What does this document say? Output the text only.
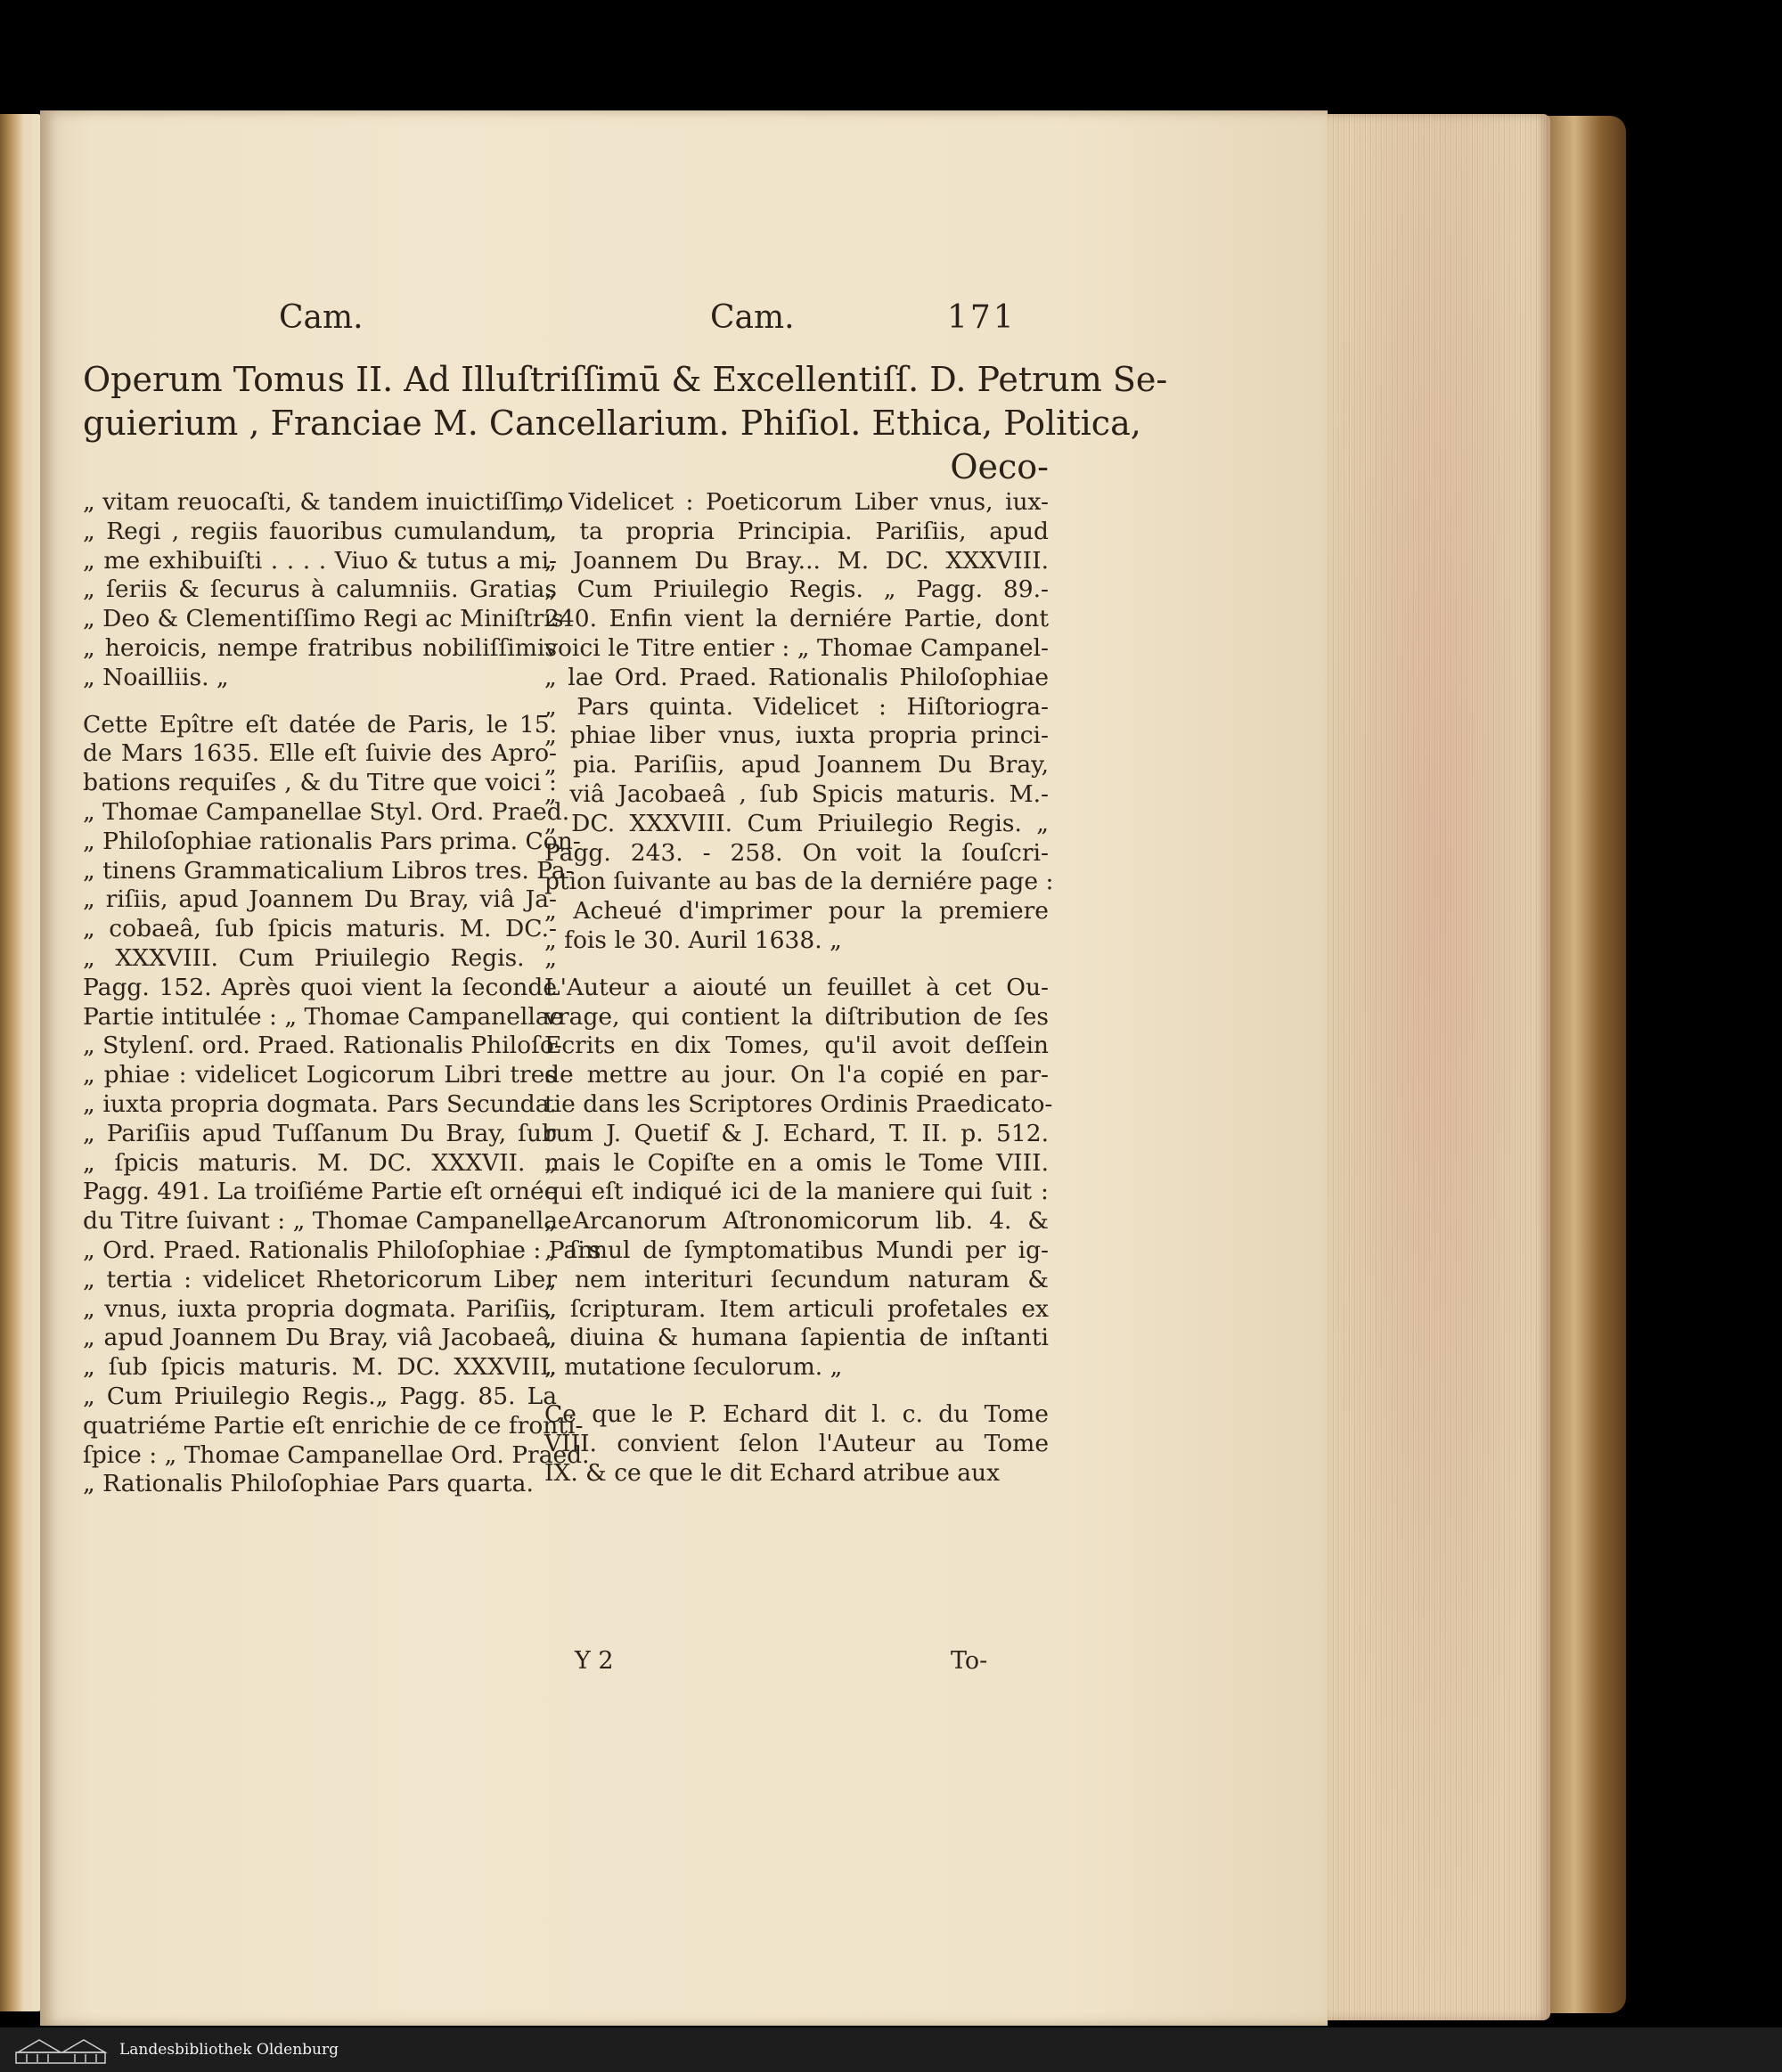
Cam.	Cam.	171
Operum Tomus II. Ad Illuſtriſſimū & Excellentiſſ. D. Petrum Se-
guierium , Franciae M. Cancellarium. Phiſiol. Ethica, Politica,
Oeco-
„ vitam reuocaſti, & tandem inuictiſſimo
„ Regi , regiis fauoribus cumulandum,
„ me exhibuiſti . . . . Viuo & tutus a mi-
„ ſeriis & ſecurus à calumniis. Gratias
„ Deo & Clementiſſimo Regi ac Miniſtris
„ heroicis, nempe fratribus nobiliſſimis
„ Noailliis. „
Cette Epître eſt datée de Paris, le 15.
de Mars 1635. Elle eſt ſuivie des Apro-
bations requiſes , & du Titre que voici :
„ Thomae Campanellae Styl. Ord. Praed.
„ Philoſophiae rationalis Pars prima. Con-
„ tinens Grammaticalium Libros tres. Pa-
„ riſiis, apud Joannem Du Bray, viâ Ja-
„ cobaeâ, ſub ſpicis maturis. M. DC.-
„ XXXVIII. Cum Priuilegio Regis. „
Pagg. 152. Après quoi vient la ſeconde
Partie intitulée : „ Thomae Campanellae
„ Stylenſ. ord. Praed. Rationalis Philoſo-
„ phiae : videlicet Logicorum Libri tres
„ iuxta propria dogmata. Pars Secunda.
„ Pariſiis apud Tuſſanum Du Bray, ſub
„ ſpicis maturis. M. DC. XXXVII. „
Pagg. 491. La troiſiéme Partie eſt ornée
du Titre ſuivant : „ Thomae Campanellae
„ Ord. Praed. Rationalis Philoſophiae : Pars
„ tertia : videlicet Rhetoricorum Liber
„ vnus, iuxta propria dogmata. Pariſiis,
„ apud Joannem Du Bray, viâ Jacobaeâ,
„ ſub ſpicis maturis. M. DC. XXXVIII.
„ Cum Priuilegio Regis.„ Pagg. 85. La
quatriéme Partie eſt enrichie de ce fronti-
ſpice : „ Thomae Campanellae Ord. Praed.
„ Rationalis Philoſophiae Pars quarta.
„ Videlicet : Poeticorum Liber vnus, iux-
„ ta propria Principia. Pariſiis, apud
„ Joannem Du Bray... M. DC. XXXVIII.
„ Cum Priuilegio Regis. „ Pagg. 89.-
240. Enfin vient la derniére Partie, dont
voici le Titre entier : „ Thomae Campanel-
„ lae Ord. Praed. Rationalis Philoſophiae
„ Pars quinta. Videlicet : Hiſtoriogra-
„ phiae liber vnus, iuxta propria princi-
„ pia. Pariſiis, apud Joannem Du Bray,
„ viâ Jacobaeâ , ſub Spicis maturis. M.-
„ DC. XXXVIII. Cum Priuilegio Regis. „
Pagg. 243. - 258. On voit la ſouſcri-
ption ſuivante au bas de la derniére page :
„ Acheué d'imprimer pour la premiere
„ fois le 30. Auril 1638. „
L'Auteur a aiouté un feuillet à cet Ou-
vrage, qui contient la diſtribution de ſes
Ecrits en dix Tomes, qu'il avoit deſſein
de mettre au jour. On l'a copié en par-
tie dans les Scriptores Ordinis Praedicato-
rum J. Quetif & J. Echard, T. II. p. 512.
mais le Copiſte en a omis le Tome VIII.
qui eſt indiqué ici de la maniere qui ſuit :
„ Arcanorum Aſtronomicorum lib. 4. &
„ ſimul de ſymptomatibus Mundi per ig-
„ nem interituri ſecundum naturam &
„ ſcripturam. Item articuli profetales ex
„ diuina & humana ſapientia de inſtanti
„ mutatione ſeculorum. „
Ce que le P. Echard dit l. c. du Tome
VIII. convient ſelon l'Auteur au Tome
IX. & ce que le dit Echard atribue aux
Y 2	To-
Landesbibliothek Oldenburg
